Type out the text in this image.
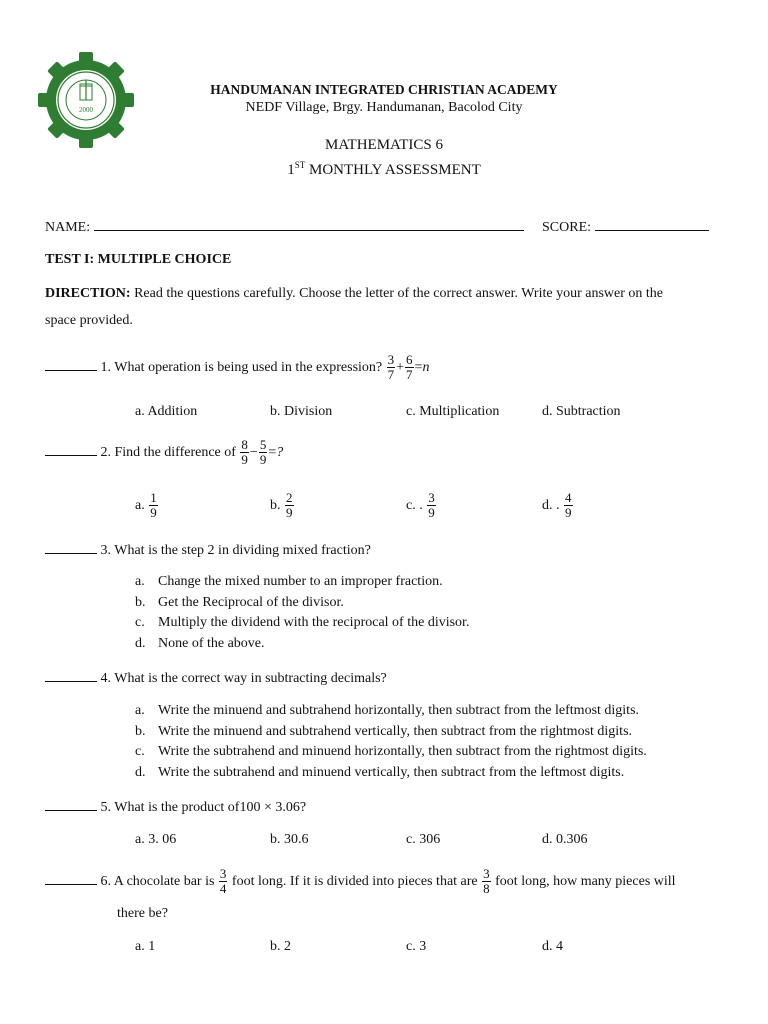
2000
HANDUMANAN INTEGRATED CHRISTIAN ACADEMY
NEDF Village, Brgy. Handumanan, Bacolod City
MATHEMATICS 6
1ST MONTHLY ASSESSMENT
NAME:	SCORE:
TEST I: MULTIPLE CHOICE
DIRECTION: Read the questions carefully. Choose the letter of the correct answer. Write your answer on the
space provided.
1. What operation is being used in the expression? $\frac{3}{7} + \frac{6}{7} =n$
a. Addition	b. Division	c. Multiplication	d. Subtraction
2. Find the difference of $\frac{8}{9} - \frac{5}{9}$ =?
a. $\frac{1}{9}$	b. $\frac{2}{9}$	c. . $\frac{3}{9}$	d. . $\frac{4}{9}$
3. What is the step 2 in dividing mixed fraction?
a. Change the mixed number to an improper fraction.
b. Get the Reciprocal of the divisor.
c. Multiply the dividend with the reciprocal of the divisor.
d. None of the above.
4. What is the correct way in subtracting decimals?
a. Write the minuend and subtrahend horizontally, then subtract from the leftmost digits.
b. Write the minuend and subtrahend vertically, then subtract from the rightmost digits.
c. Write the subtrahend and minuend horizontally, then subtract from the rightmost digits.
d. Write the subtrahend and minuend vertically, then subtract from the leftmost digits.
5. What is the product of100 × 3.06?
a. 3. 06	b. 30.6	c. 306	d. 0.306
6. A chocolate bar is $\frac{3}{4}$ foot long. If it is divided into pieces that are $\frac{3}{8}$ foot long, how many pieces will
there be?
a. 1	b. 2	c. 3	d. 4
